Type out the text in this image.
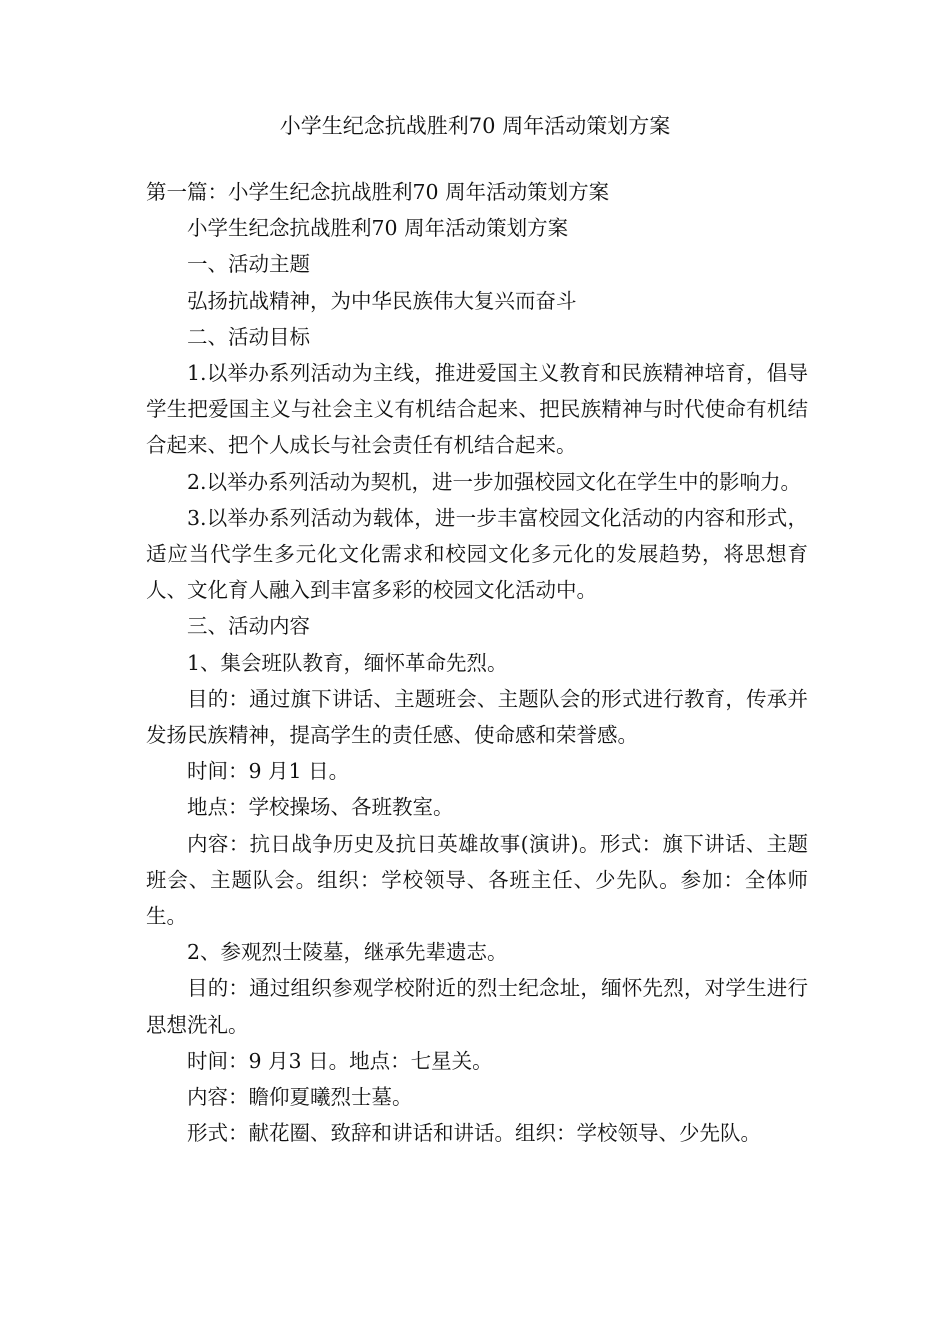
小学生纪念抗战胜利70 周年活动策划方案

第一篇：小学生纪念抗战胜利70 周年活动策划方案

小学生纪念抗战胜利70 周年活动策划方案

一、活动主题

弘扬抗战精神，为中华民族伟大复兴而奋斗

二、活动目标

1.以举办系列活动为主线，推进爱国主义教育和民族精神培育，倡导学生把爱国主义与社会主义有机结合起来、把民族精神与时代使命有机结合起来、把个人成长与社会责任有机结合起来。

2.以举办系列活动为契机，进一步加强校园文化在学生中的影响力。

3.以举办系列活动为载体，进一步丰富校园文化活动的内容和形式，适应当代学生多元化文化需求和校园文化多元化的发展趋势，将思想育人、文化育人融入到丰富多彩的校园文化活动中。

三、活动内容

1、集会班队教育，缅怀革命先烈。

目的：通过旗下讲话、主题班会、主题队会的形式进行教育，传承并发扬民族精神，提高学生的责任感、使命感和荣誉感。

时间：9 月1 日。

地点：学校操场、各班教室。

内容：抗日战争历史及抗日英雄故事(演讲)。形式：旗下讲话、主题班会、主题队会。组织：学校领导、各班主任、少先队。参加：全体师生。

2、参观烈士陵墓，继承先辈遗志。

目的：通过组织参观学校附近的烈士纪念址，缅怀先烈，对学生进行思想洗礼。

时间：9 月3 日。地点：七星关。

内容：瞻仰夏曦烈士墓。

形式：献花圈、致辞和讲话和讲话。组织：学校领导、少先队。
